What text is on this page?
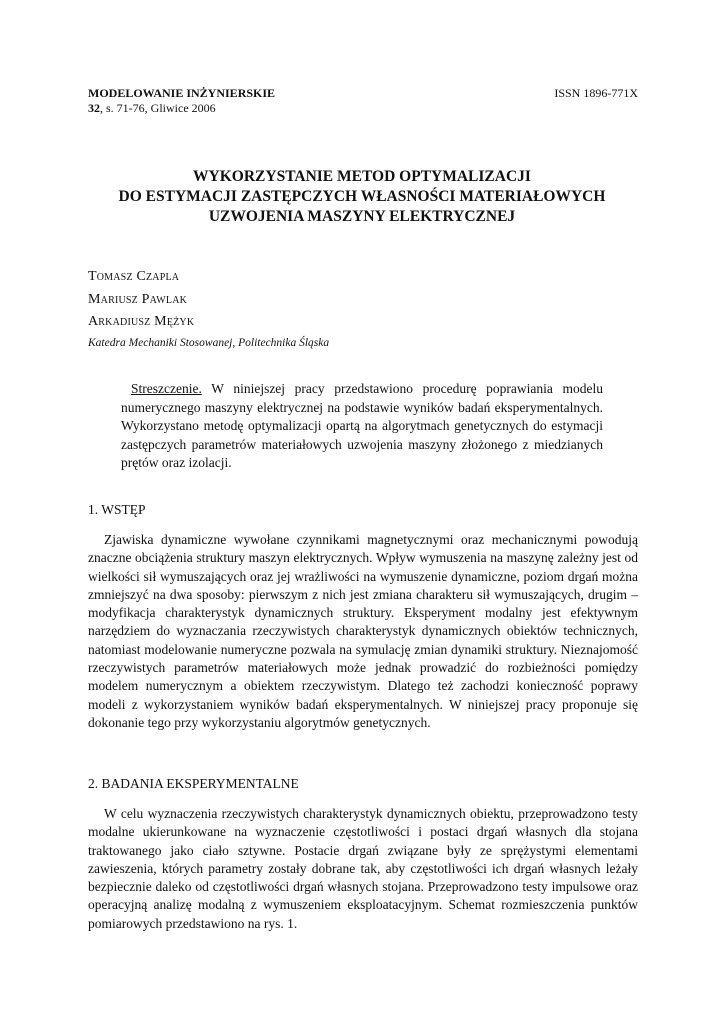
MODELOWANIE INŻYNIERSKIE
32, s. 71-76, Gliwice 2006
ISSN 1896-771X
WYKORZYSTANIE METOD OPTYMALIZACJI
DO ESTYMACJI ZASTĘPCZYCH WŁASNOŚCI MATERIAŁOWYCH
UZWOJENIA MASZYNY ELEKTRYCZNEJ
Tomasz Czapla
Mariusz Pawlak
Arkadiusz Mężyk
Katedra Mechaniki Stosowanej, Politechnika Śląska
Streszczenie. W niniejszej pracy przedstawiono procedurę poprawiania modelu numerycznego maszyny elektrycznej na podstawie wyników badań eksperymentalnych. Wykorzystano metodę optymalizacji opartą na algorytmach genetycznych do estymacji zastępczych parametrów materiałowych uzwojenia maszyny złożonego z miedzianych prętów oraz izolacji.
1. WSTĘP

Zjawiska dynamiczne wywołane czynnikami magnetycznymi oraz mechanicznymi powodują znaczne obciążenia struktury maszyn elektrycznych. Wpływ wymuszenia na maszynę zależny jest od wielkości sił wymuszających oraz jej wrażliwości na wymuszenie dynamiczne, poziom drgań można zmniejszyć na dwa sposoby: pierwszym z nich jest zmiana charakteru sił wymuszających, drugim – modyfikacja charakterystyk dynamicznych struktury. Eksperyment modalny jest efektywnym narzędziem do wyznaczania rzeczywistych charakterystyk dynamicznych obiektów technicznych, natomiast modelowanie numeryczne pozwala na symulację zmian dynamiki struktury. Nieznajomość rzeczywistych parametrów materiałowych może jednak prowadzić do rozbieżności pomiędzy modelem numerycznym a obiektem rzeczywistym. Dlatego też zachodzi konieczność poprawy modeli z wykorzystaniem wyników badań eksperymentalnych. W niniejszej pracy proponuje się dokonanie tego przy wykorzystaniu algorytmów genetycznych.

2. BADANIA EKSPERYMENTALNE

W celu wyznaczenia rzeczywistych charakterystyk dynamicznych obiektu, przeprowadzono testy modalne ukierunkowane na wyznaczenie częstotliwości i postaci drgań własnych dla stojana traktowanego jako ciało sztywne. Postacie drgań związane były ze sprężystymi elementami zawieszenia, których parametry zostały dobrane tak, aby częstotliwości ich drgań własnych leżały bezpiecznie daleko od częstotliwości drgań własnych stojana. Przeprowadzono testy impulsowe oraz operacyjną analizę modalną z wymuszeniem eksploatacyjnym. Schemat rozmieszczenia punktów pomiarowych przedstawiono na rys. 1.
